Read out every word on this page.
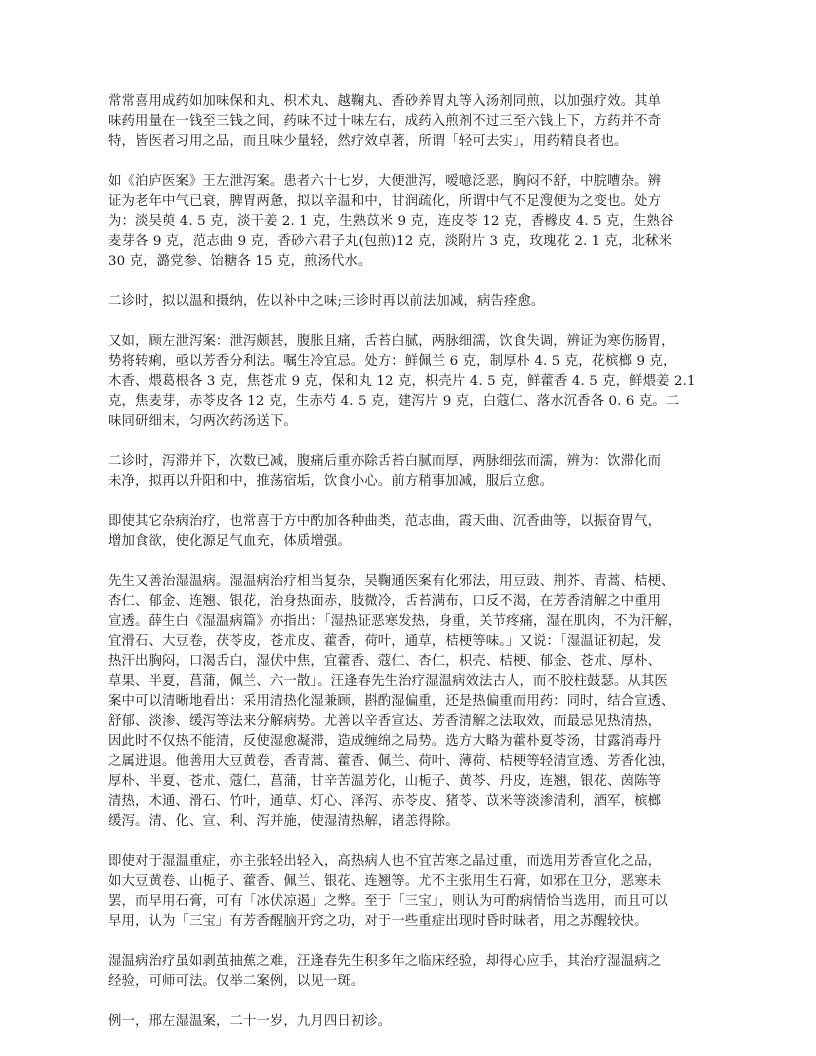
常常喜用成药如加味保和丸、枳术丸、越鞠丸、香砂养胃丸等入汤剂同煎，以加强疗效。其单
味药用量在一钱至三钱之间，药味不过十味左右，成药入煎剂不过三至六钱上下，方药并不奇
特，皆医者习用之品，而且味少量轻，然疗效卓著，所谓「轻可去实」，用药精良者也。
如《泊庐医案》王左泄泻案。患者六十七岁，大便泄泻，嗳噫泛恶，胸闷不舒，中脘嘈杂。辨
证为老年中气已衰，脾胃两惫，拟以辛温和中，甘润疏化，所谓中气不足溲便为之变也。处方
为：淡吴萸 4. 5 克，淡干姜 2. 1 克，生熟苡米 9 克，连皮苓 12 克，香橼皮 4. 5 克，生熟谷
麦芽各 9 克，范志曲 9 克，香砂六君子丸(包煎)12 克，淡附片 3 克，玫瑰花 2. 1 克，北秫米
30 克，潞党参、饴糖各 15 克，煎汤代水。
二诊时，拟以温和摄纳，佐以补中之味;三诊时再以前法加减，病告痊愈。
又如，顾左泄泻案：泄泻颇甚，腹胀且痛，舌苔白腻，两脉细濡，饮食失调，辨证为寒伤肠胃，
势将转痢，亟以芳香分利法。嘱生冷宜忌。处方：鲜佩兰 6 克，制厚朴 4. 5 克，花槟榔 9 克，
木香、煨葛根各 3 克，焦苍朮 9 克，保和丸 12 克，枳壳片 4. 5 克，鲜藿香 4. 5 克，鲜煨姜 2.1
克，焦麦芽，赤苓皮各 12 克，生赤芍 4. 5 克，建泻片 9 克，白蔻仁、落水沉香各 0. 6 克。二
味同研细末，匀两次药汤送下。
二诊时，泻滞并下，次数已减，腹痛后重亦除舌苔白腻而厚，两脉细弦而濡，辨为：饮滞化而
未净，拟再以升阳和中，推荡宿垢，饮食小心。前方稍事加减，服后立愈。
即使其它杂病治疗，也常喜于方中酌加各种曲类，范志曲，霞天曲、沉香曲等，以振奋胃气，
增加食欲，使化源足气血充，体质增强。
先生又善治湿温病。湿温病治疗相当复杂，吴鞠通医案有化邪法，用豆豉、荆芥、青蒿、桔梗、
杏仁、郁金、连翘、银花，治身热面赤，肢微冷，舌苔满布，口反不渴，在芳香清解之中重用
宣透。薛生白《湿温病篇》亦指出：「湿热证恶寒发热，身重，关节疼痛，湿在肌肉，不为汗解，
宜滑石、大豆卷，茯苓皮，苍朮皮、藿香，荷叶，通草，桔梗等味。」又说：「湿温证初起，发
热汗出胸闷，口渴舌白，湿伏中焦，宜藿香、蔻仁、杏仁，枳壳、桔梗、郁金、苍朮、厚朴、
草果、半夏，菖蒲，佩兰、六一散」。汪逢春先生治疗湿温病效法古人，而不胶柱鼓瑟。从其医
案中可以清晰地看出：采用清热化湿兼顾，斟酌湿偏重，还是热偏重而用药：同时，结合宣透、
舒郁、淡渗、缓泻等法来分解病势。尤善以辛香宣达、芳香清解之法取效，而最忌见热清热，
因此时不仅热不能清，反使湿愈凝滞，造成缠绵之局势。选方大略为藿朴夏苓汤，甘露消毒丹
之属进退。他善用大豆黄卷，香青蒿、藿香、佩兰、荷叶、薄荷、桔梗等轻清宣透、芳香化浊，
厚朴、半夏、苍朮、蔻仁，菖蒲，甘辛苦温芳化，山栀子、黄芩、丹皮，连翘，银花、茵陈等
清热，木通、滑石、竹叶，通草、灯心、泽泻、赤苓皮、猪苓、苡米等淡渗清利，酒军，槟榔
缓泻。清、化、宣、利、泻并施，使湿清热解，诸恙得除。
即使对于湿温重症，亦主张轻出轻入，高热病人也不宜苦寒之晶过重，而选用芳香宣化之品，
如大豆黄卷、山栀子、藿香、佩兰、银花、连翘等。尤不主张用生石膏，如邪在卫分，恶寒未
罢，而早用石膏，可有「冰伏凉遏」之弊。至于「三宝」，则认为可酌病情恰当选用，而且可以
早用，认为「三宝」有芳香醒脑开窍之功，对于一些重症出现时昏时昧者，用之苏醒较快。
湿温病治疗虽如剥茧抽蕉之难，汪逢春先生积多年之临床经验，却得心应手，其治疗湿温病之
经验，可师可法。仅举二案例，以见一斑。
例一，邢左湿温案，二十一岁，九月四日初诊。
